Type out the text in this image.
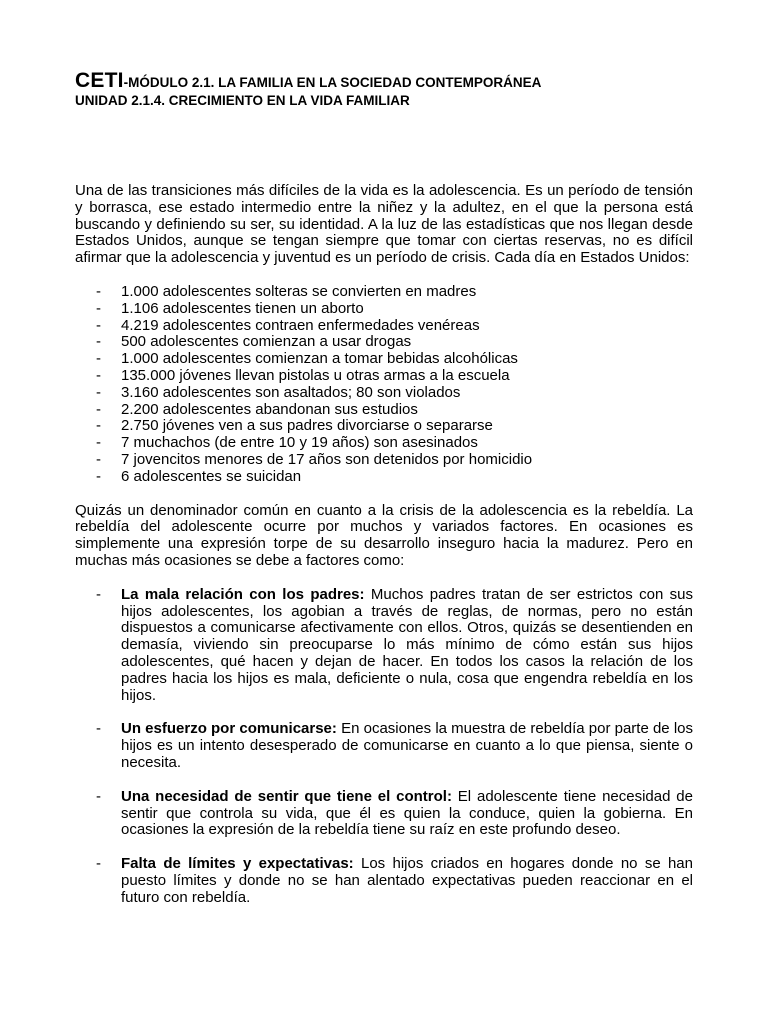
CETI-MÓDULO 2.1. LA FAMILIA EN LA SOCIEDAD CONTEMPORÁNEA

UNIDAD 2.1.4. CRECIMIENTO EN LA VIDA FAMILIAR

Una de las transiciones más difíciles de la vida es la adolescencia. Es un período de tensión y borrasca, ese estado intermedio entre la niñez y la adultez, en el que la persona está buscando y definiendo su ser, su identidad. A la luz de las estadísticas que nos llegan desde Estados Unidos, aunque se tengan siempre que tomar con ciertas reservas, no es difícil afirmar que la adolescencia y juventud es un período de crisis. Cada día en Estados Unidos:

- 1.000 adolescentes solteras se convierten en madres
- 1.106 adolescentes tienen un aborto
- 4.219 adolescentes contraen enfermedades venéreas
- 500 adolescentes comienzan a usar drogas
- 1.000 adolescentes comienzan a tomar bebidas alcohólicas
- 135.000 jóvenes llevan pistolas u otras armas a la escuela
- 3.160 adolescentes son asaltados; 80 son violados
- 2.200 adolescentes abandonan sus estudios
- 2.750 jóvenes ven a sus padres divorciarse o separarse
- 7 muchachos (de entre 10 y 19 años) son asesinados
- 7 jovencitos menores de 17 años son detenidos por homicidio
- 6 adolescentes se suicidan

Quizás un denominador común en cuanto a la crisis de la adolescencia es la rebeldía. La rebeldía del adolescente ocurre por muchos y variados factores. En ocasiones es simplemente una expresión torpe de su desarrollo inseguro hacia la madurez. Pero en muchas más ocasiones se debe a factores como:

- La mala relación con los padres: Muchos padres tratan de ser estrictos con sus hijos adolescentes, los agobian a través de reglas, de normas, pero no están dispuestos a comunicarse afectivamente con ellos. Otros, quizás se desentienden en demasía, viviendo sin preocuparse lo más mínimo de cómo están sus hijos adolescentes, qué hacen y dejan de hacer. En todos los casos la relación de los padres hacia los hijos es mala, deficiente o nula, cosa que engendra rebeldía en los hijos.
- Un esfuerzo por comunicarse: En ocasiones la muestra de rebeldía por parte de los hijos es un intento desesperado de comunicarse en cuanto a lo que piensa, siente o necesita.
- Una necesidad de sentir que tiene el control: El adolescente tiene necesidad de sentir que controla su vida, que él es quien la conduce, quien la gobierna. En ocasiones la expresión de la rebeldía tiene su raíz en este profundo deseo.
- Falta de límites y expectativas: Los hijos criados en hogares donde no se han puesto límites y donde no se han alentado expectativas pueden reaccionar en el futuro con rebeldía.
